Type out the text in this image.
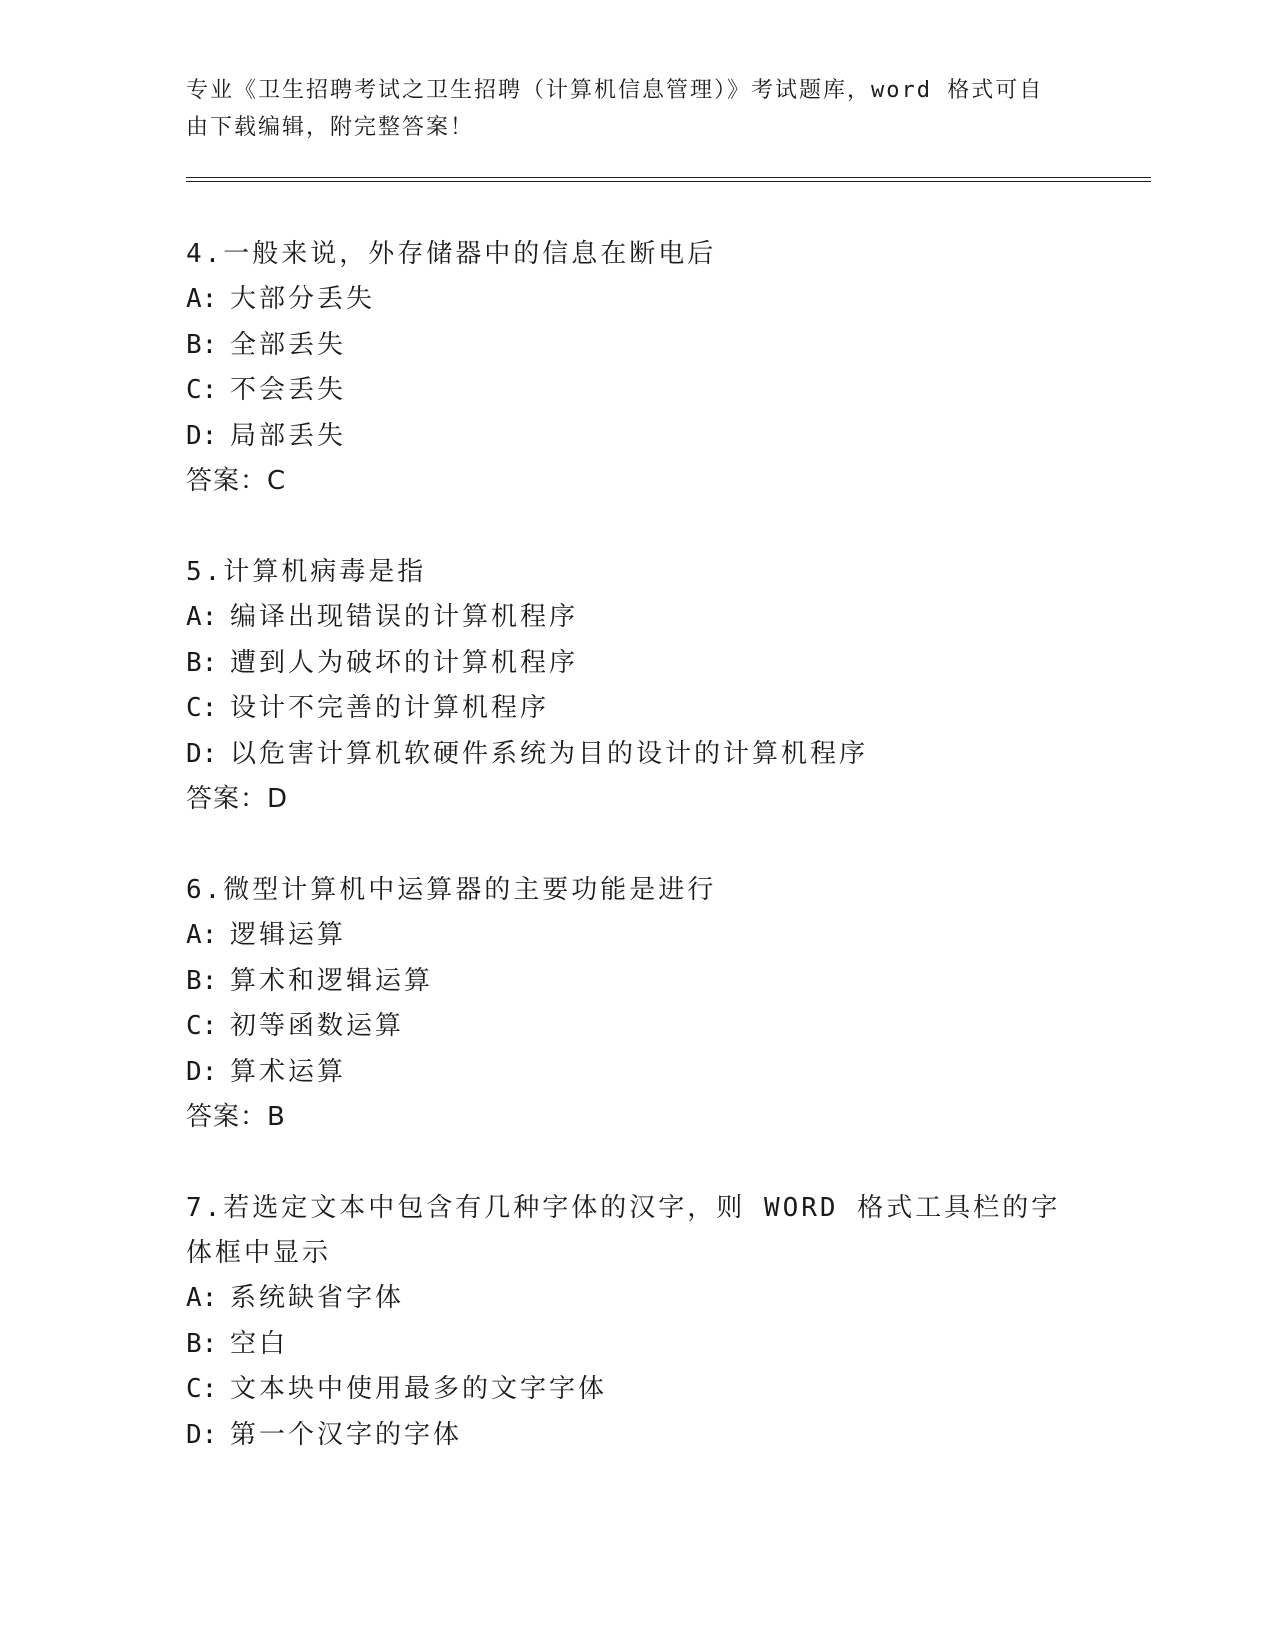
专业《卫生招聘考试之卫生招聘（计算机信息管理）》考试题库，word 格式可自由下载编辑，附完整答案！

4.一般来说，外存储器中的信息在断电后

A: 大部分丢失

B: 全部丢失

C: 不会丢失

D: 局部丢失

答案：C

5.计算机病毒是指

A: 编译出现错误的计算机程序

B: 遭到人为破坏的计算机程序

C: 设计不完善的计算机程序

D: 以危害计算机软硬件系统为目的设计的计算机程序

答案：D

6.微型计算机中运算器的主要功能是进行

A: 逻辑运算

B: 算术和逻辑运算

C: 初等函数运算

D: 算术运算

答案：B

7.若选定文本中包含有几种字体的汉字，则 WORD 格式工具栏的字体框中显示

A: 系统缺省字体

B: 空白

C: 文本块中使用最多的文字字体

D: 第一个汉字的字体
